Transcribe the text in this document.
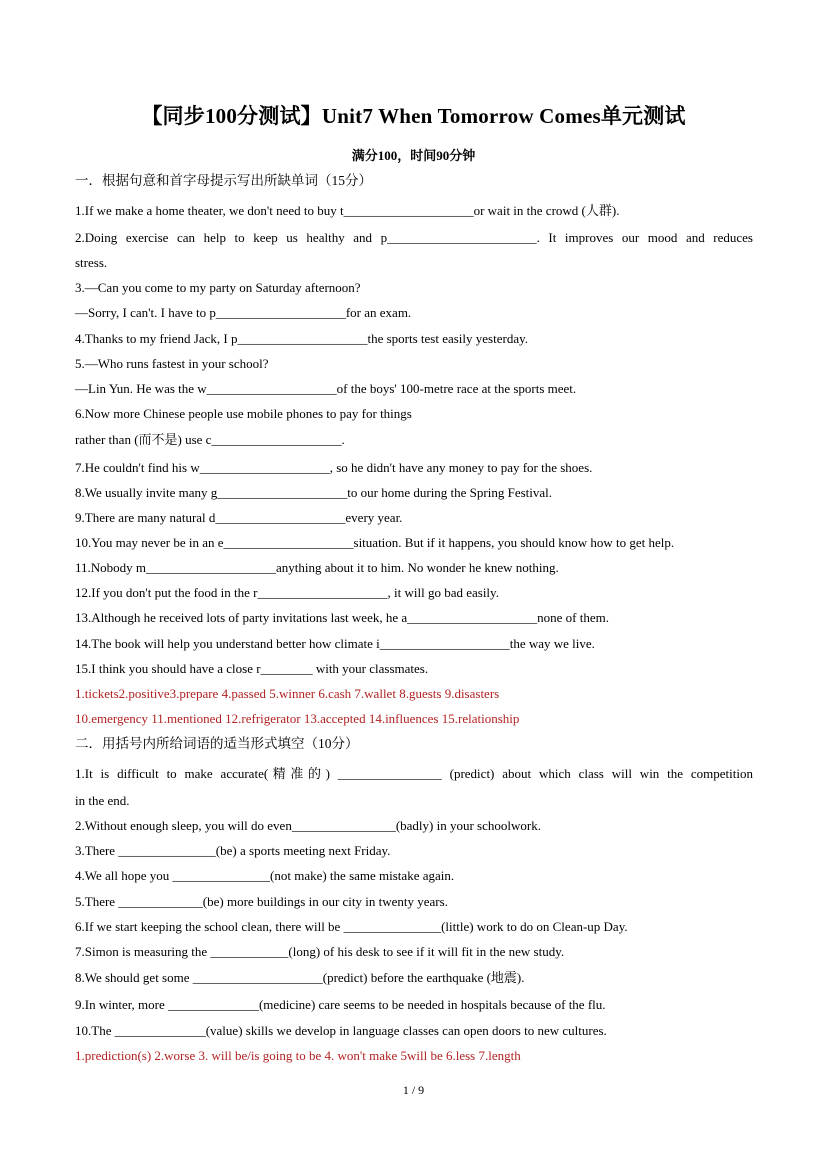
【同步100分测试】Unit7 When Tomorrow Comes单元测试
满分100，时间90分钟
一．根据句意和首字母提示写出所缺单词（15分）
1.If we make a home theater, we don't need to buy t____________________or wait in the crowd (人群).
2.Doing exercise can help to keep us healthy and p_______________________. It improves our mood and reduces
stress.
3.—Can you come to my party on Saturday afternoon?
—Sorry, I can't. I have to p____________________for an exam.
4.Thanks to my friend Jack, I p____________________the sports test easily yesterday.
5.—Who runs fastest in your school?
—Lin Yun. He was the w____________________of the boys' 100-metre race at the sports meet.
6.Now more Chinese people use mobile phones to pay for things
rather than (而不是) use c____________________.
7.He couldn't find his w____________________, so he didn't have any money to pay for the shoes.
8.We usually invite many g____________________to our home during the Spring Festival.
9.There are many natural d____________________every year.
10.You may never be in an e____________________situation. But if it happens, you should know how to get help.
11.Nobody m____________________anything about it to him. No wonder he knew nothing.
12.If you don't put the food in the r____________________, it will go bad easily.
13.Although he received lots of party invitations last week, he a____________________none of them.
14.The book will help you understand better how climate i____________________the way we live.
15.I think you should have a close r________ with your classmates.
1.tickets2.positive3.prepare 4.passed 5.winner 6.cash 7.wallet 8.guests 9.disasters
10.emergency 11.mentioned 12.refrigerator 13.accepted 14.influences 15.relationship
二．用括号内所给词语的适当形式填空（10分）
1.It is difficult to make accurate(精准的) ________________ (predict) about which class will win the competition
in the end.
2.Without enough sleep, you will do even________________(badly) in your schoolwork.
3.There _______________(be) a sports meeting next Friday.
4.We all hope you _______________(not make) the same mistake again.
5.There _____________(be) more buildings in our city in twenty years.
6.If we start keeping the school clean, there will be _______________(little) work to do on Clean-up Day.
7.Simon is measuring the ____________(long) of his desk to see if it will fit in the new study.
8.We should get some ____________________(predict) before the earthquake (地震).
9.In winter, more ______________(medicine) care seems to be needed in hospitals because of the flu.
10.The ______________(value) skills we develop in language classes can open doors to new cultures.
1.prediction(s) 2.worse 3. will be/is going to be 4. won't make 5will be 6.less 7.length
1 / 9
